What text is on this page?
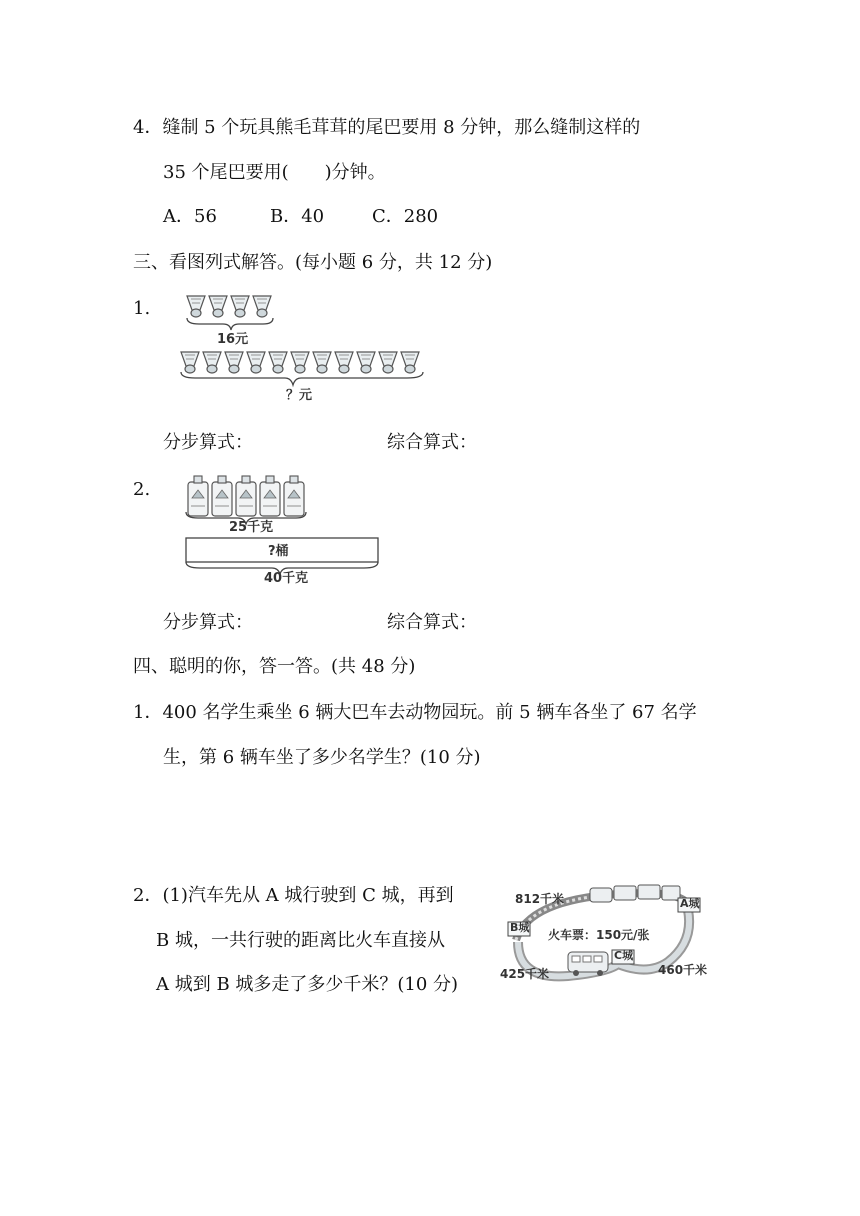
4．缝制 5 个玩具熊毛茸茸的尾巴要用 8 分钟，那么缝制这样的
35 个尾巴要用(　　)分钟。
A．56	B．40	C．280
三、看图列式解答。(每小题 6 分，共 12 分)
1.
16元
？元
分步算式：	综合算式：
2.
25千克
?桶
40千克
分步算式：	综合算式：
四、聪明的你，答一答。(共 48 分)
1．400 名学生乘坐 6 辆大巴车去动物园玩。前 5 辆车各坐了 67 名学
生，第 6 辆车坐了多少名学生？(10 分)
2．(1)汽车先从 A 城行驶到 C 城，再到
B 城，一共行驶的距离比火车直接从
A 城到 B 城多走了多少千米？(10 分)
812千米	A城
B城
C城
火车票：150元/张
425千米	460千米
